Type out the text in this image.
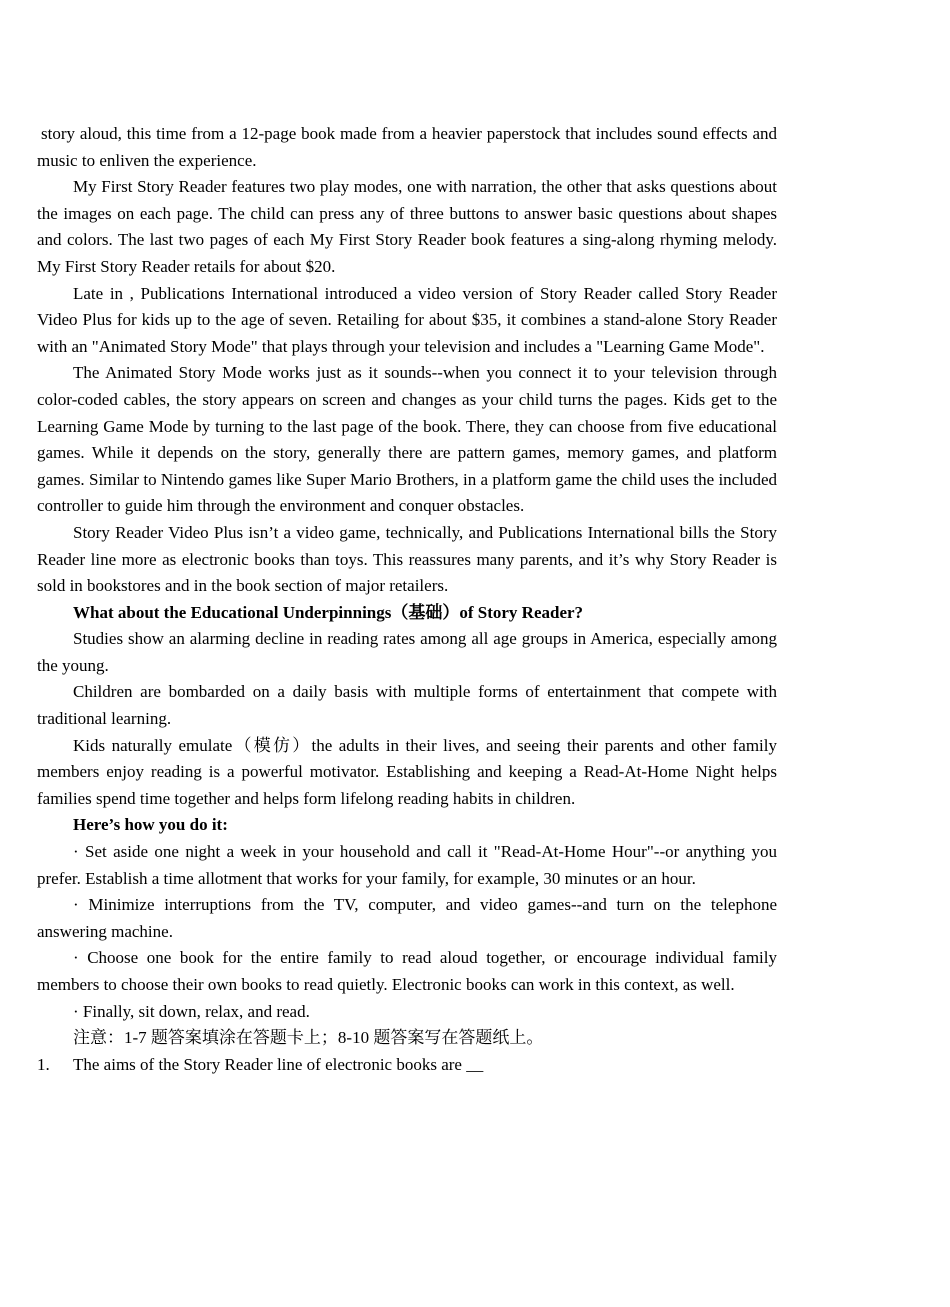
story aloud, this time from a 12-page book made from a heavier paperstock that includes sound effects and music to enliven the experience.

My First Story Reader features two play modes, one with narration, the other that asks questions about the images on each page. The child can press any of three buttons to answer basic questions about shapes and colors. The last two pages of each My First Story Reader book features a sing-along rhyming melody. My First Story Reader retails for about $20.

Late in , Publications International introduced a video version of Story Reader called Story Reader Video Plus for kids up to the age of seven. Retailing for about $35, it combines a stand-alone Story Reader with an "Animated Story Mode" that plays through your television and includes a "Learning Game Mode".

The Animated Story Mode works just as it sounds--when you connect it to your television through color-coded cables, the story appears on screen and changes as your child turns the pages. Kids get to the Learning Game Mode by turning to the last page of the book. There, they can choose from five educational games. While it depends on the story, generally there are pattern games, memory games, and platform games. Similar to Nintendo games like Super Mario Brothers, in a platform game the child uses the included controller to guide him through the environment and conquer obstacles.

Story Reader Video Plus isn’t a video game, technically, and Publications International bills the Story Reader line more as electronic books than toys. This reassures many parents, and it’s why Story Reader is sold in bookstores and in the book section of major retailers.

What about the Educational Underpinnings（基础）of Story Reader?

Studies show an alarming decline in reading rates among all age groups in America, especially among the young.

Children are bombarded on a daily basis with multiple forms of entertainment that compete with traditional learning.

Kids naturally emulate（模仿）the adults in their lives, and seeing their parents and other family members enjoy reading is a powerful motivator. Establishing and keeping a Read-At-Home Night helps families spend time together and helps form lifelong reading habits in children.

Here’s how you do it:

· Set aside one night a week in your household and call it "Read-At-Home Hour"--or anything you prefer. Establish a time allotment that works for your family, for example, 30 minutes or an hour.

· Minimize interruptions from the TV, computer, and video games--and turn on the telephone answering machine.

· Choose one book for the entire family to read aloud together, or encourage individual family members to choose their own books to read quietly. Electronic books can work in this context, as well.

· Finally, sit down, relax, and read.

注意：1-7 题答案填涂在答题卡上；8-10 题答案写在答题纸上。

1.	The aims of the Story Reader line of electronic books are __
